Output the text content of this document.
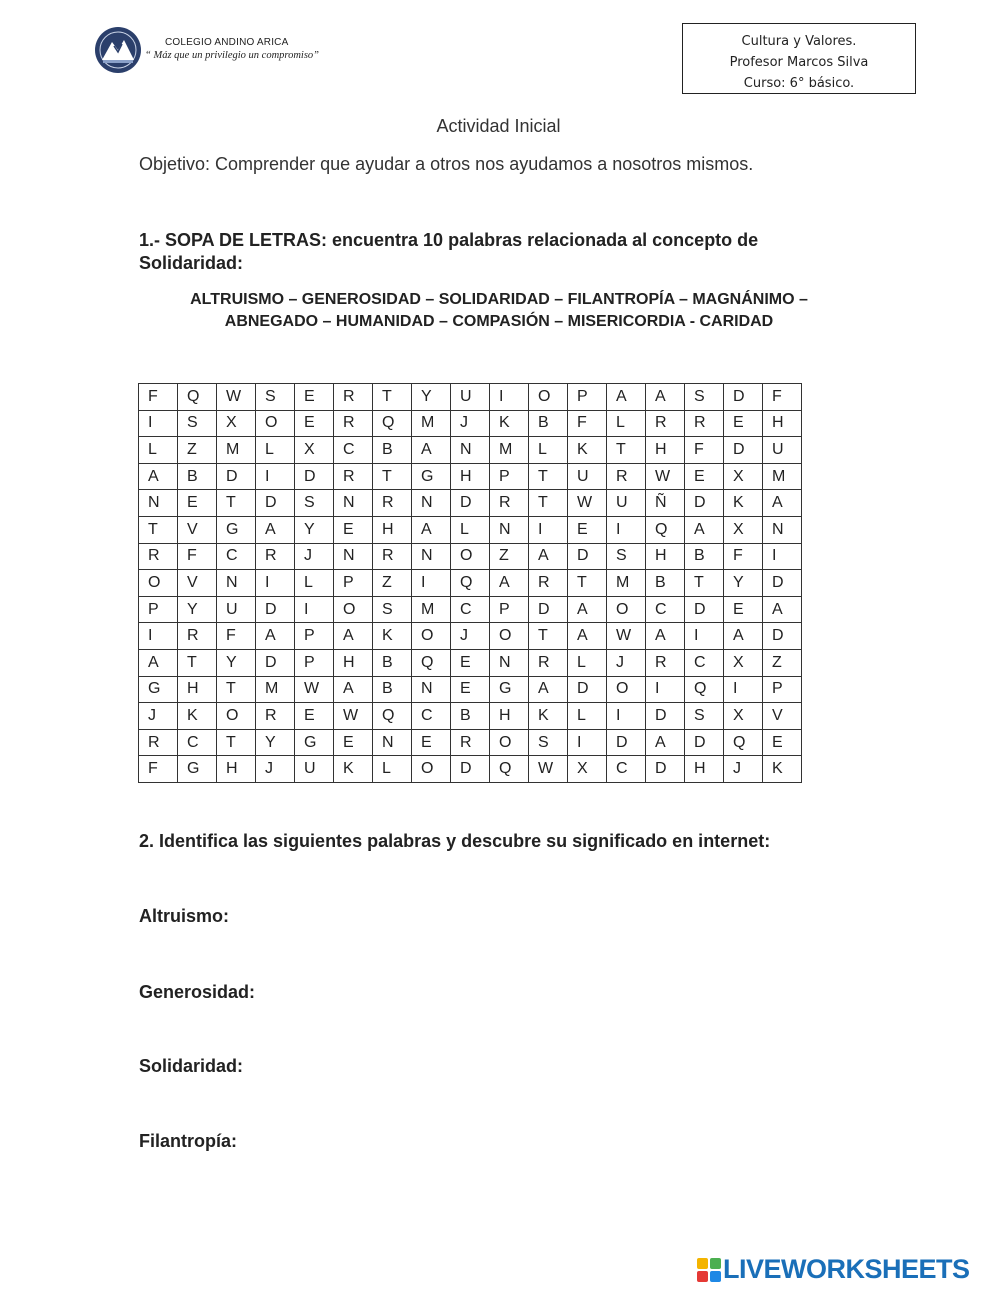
COLEGIO ANDINO ARICA
“ Máz que un privilegio un compromiso”
Cultura y Valores.
Profesor Marcos Silva
Curso: 6° básico.
Actividad Inicial
Objetivo: Comprender que ayudar a otros nos ayudamos a nosotros mismos.
1.- SOPA DE LETRAS: encuentra 10 palabras relacionada al concepto de Solidaridad:
ALTRUISMO – GENEROSIDAD – SOLIDARIDAD – FILANTROPÍA – MAGNÁNIMO –
ABNEGADO – HUMANIDAD – COMPASIÓN – MISERICORDIA - CARIDAD
F	Q	W	S	E	R	T	Y	U	I	O	P	A	A	S	D	F
I	S	X	O	E	R	Q	M	J	K	B	F	L	R	R	E	H
L	Z	M	L	X	C	B	A	N	M	L	K	T	H	F	D	U
A	B	D	I	D	R	T	G	H	P	T	U	R	W	E	X	M
N	E	T	D	S	N	R	N	D	R	T	W	U	Ñ	D	K	A
T	V	G	A	Y	E	H	A	L	N	I	E	I	Q	A	X	N
R	F	C	R	J	N	R	N	O	Z	A	D	S	H	B	F	I
O	V	N	I	L	P	Z	I	Q	A	R	T	M	B	T	Y	D
P	Y	U	D	I	O	S	M	C	P	D	A	O	C	D	E	A
I	R	F	A	P	A	K	O	J	O	T	A	W	A	I	A	D
A	T	Y	D	P	H	B	Q	E	N	R	L	J	R	C	X	Z
G	H	T	M	W	A	B	N	E	G	A	D	O	I	Q	I	P
J	K	O	R	E	W	Q	C	B	H	K	L	I	D	S	X	V
R	C	T	Y	G	E	N	E	R	O	S	I	D	A	D	Q	E
F	G	H	J	U	K	L	O	D	Q	W	X	C	D	H	J	K
2. Identifica las siguientes palabras y descubre su significado en internet:
Altruismo:
Generosidad:
Solidaridad:
Filantropía:
LIVEWORKSHEETS
